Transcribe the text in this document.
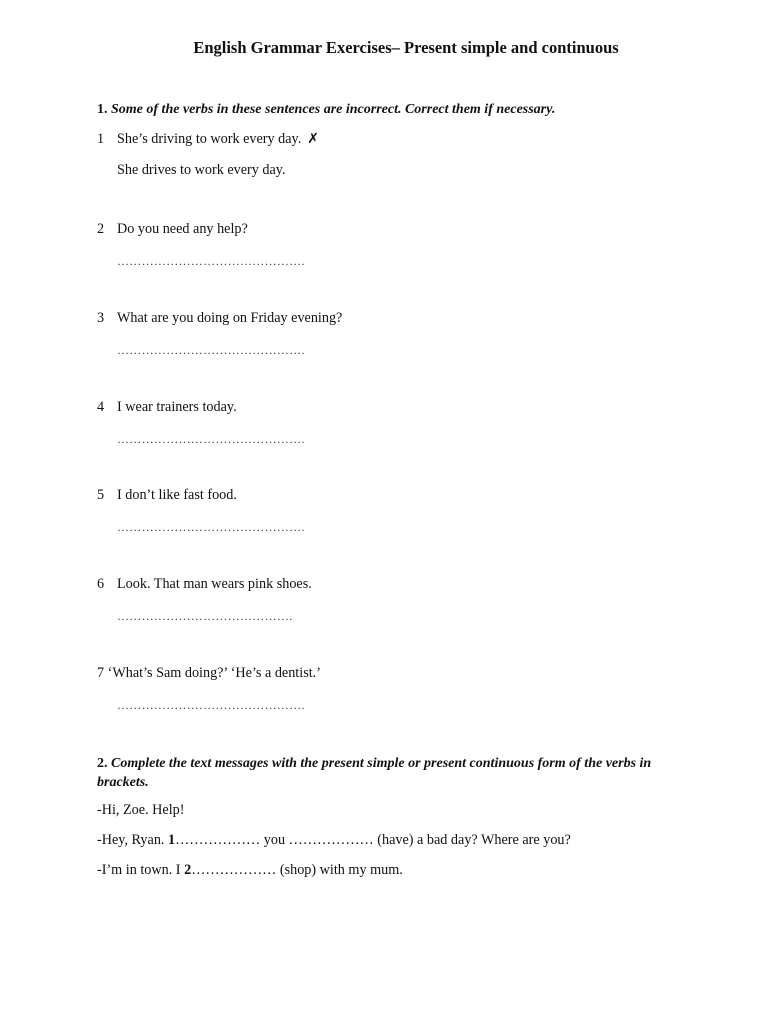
English Grammar Exercises– Present simple and continuous
1. Some of the verbs in these sentences are incorrect. Correct them if necessary.
1 She’s driving to work every day. ✗
She drives to work every day.
2 Do you need any help?
……………………………………….
3 What are you doing on Friday evening?
……………………………………….
4 I wear trainers today.
……………………………………….
5 I don’t like fast food.
……………………………………….
6 Look. That man wears pink shoes.
…………………………………….
7 ‘What’s Sam doing?’ ‘He’s a dentist.’
……………………………………….
2. Complete the text messages with the present simple or present continuous form of the verbs in brackets.
-Hi, Zoe. Help!
-Hey, Ryan. 1……………… you ……………… (have) a bad day? Where are you?
-I’m in town. I 2……………… (shop) with my mum.
